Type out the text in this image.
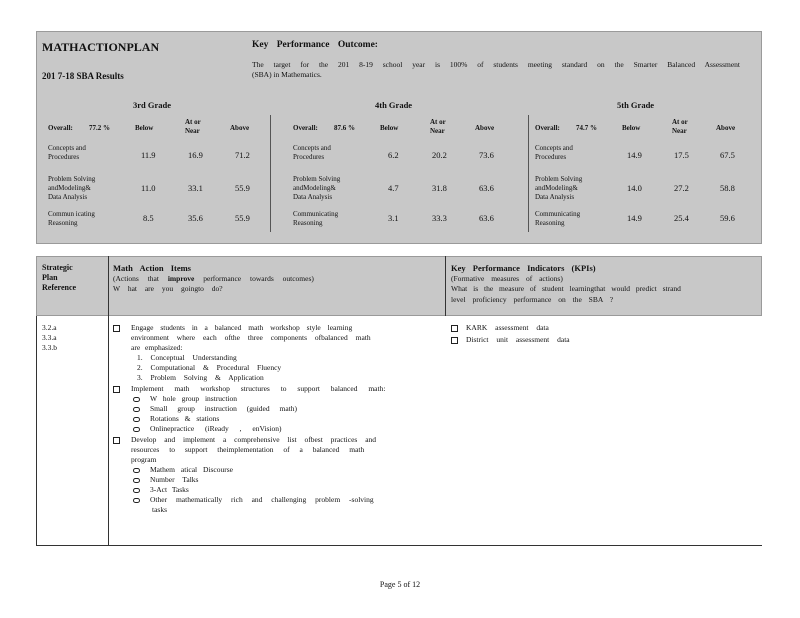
MATHACTIONPLAN
201 7-18 SBA Results
Key Performance Outcome:
The target for the 201 8-19 school year is 100% of students meeting standard on the Smarter Balanced Assessment
(SBA) in Mathematics.
3rd Grade
Overall: 77.2 %	Below
At or
Near	Above
Concepts and
Procedures	11.9	16.9	71.2
Problem Solving
andModeling&
Data Analysis
11.0	33.1	55.9
Commun icating
Reasoning	8.5	35.6	55.9
4th Grade
Overall: 87.6 %	Below
At or
Near	Above
Concepts and
Procedures	6.2	20.2	73.6
Problem Solving
andModeling&
Data Analysis
4.7	31.8	63.6
Communicating
Reasoning	3.1	33.3	63.6
5th Grade
Overall: 74.7 %	Below
At or
Near	Above
Concepts and
Procedures	14.9	17.5	67.5
Problem Solving
andModeling&
Data Analysis
14.0	27.2	58.8
Communicating
Reasoning	14.9	25.4	59.6
Strategic
Plan
Reference
Math Action Items
(Actions that improve performance towards outcomes)
W hat are you goingto do?
Key Performance Indicators (KPIs)
(Formative measures of actions)
What is the measure of student learningthat would predict strand
level proficiency performance on the SBA ?
3.2.a
3.3.a
3.3.b
Engage students in a balanced math workshop style learning
environment where each ofthe three components ofbalanced math
are emphasized:
1. Conceptual Understanding
2. Computational & Procedural Fluency
3. Problem Solving & Application
Implement math workshop structures to support balanced math:
W hole group instruction
Small group instruction (guided math)
Rotations & stations
Onlinepractice (iReady , enVision)
Develop and implement a comprehensive list ofbest practices and
resources to support theimplementation of a balanced math
program
Mathem atical Discourse
Number Talks
3-Act Tasks
Other mathematically rich and challenging problem -solving
tasks
KARK assessment data
District unit assessment data
Page 5 of 12
